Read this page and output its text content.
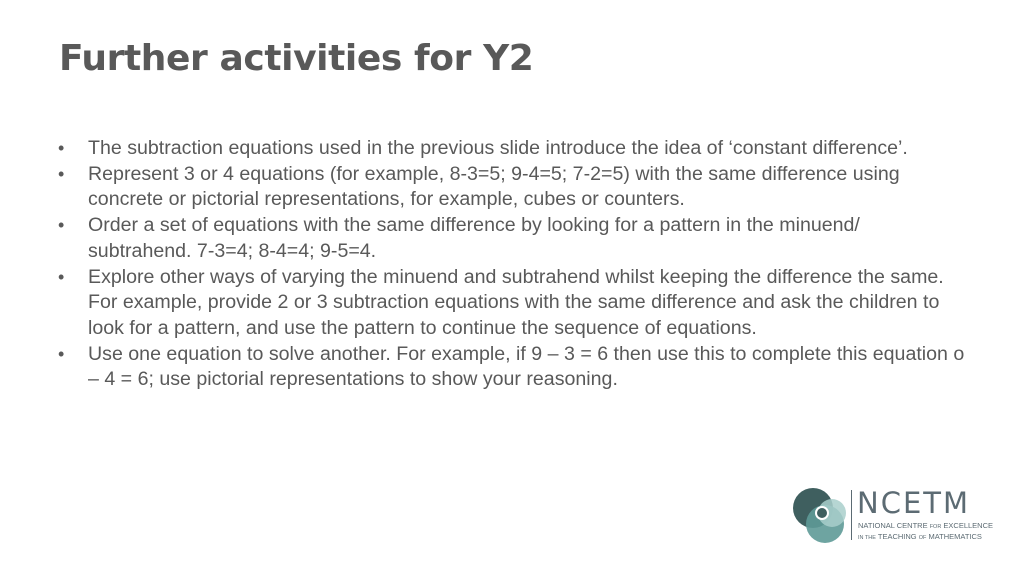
Further activities for Y2
• The subtraction equations used in the previous slide introduce the idea of ‘constant difference’.
• Represent 3 or 4 equations (for example, 8-3=5; 9-4=5; 7-2=5) with the same difference using concrete or pictorial representations, for example, cubes or counters.
• Order a set of equations with the same difference by looking for a pattern in the minuend/ subtrahend. 7-3=4; 8-4=4; 9-5=4.
• Explore other ways of varying the minuend and subtrahend whilst keeping the difference the same. For example, provide 2 or 3 subtraction equations with the same difference and ask the children to look for a pattern, and use the pattern to continue the sequence of equations.
• Use one equation to solve another. For example, if 9 – 3 = 6 then use this to complete this equation o – 4 = 6; use pictorial representations to show your reasoning.
NCETM
NATIONAL CENTRE FOR EXCELLENCE
IN THE TEACHING OF MATHEMATICS
